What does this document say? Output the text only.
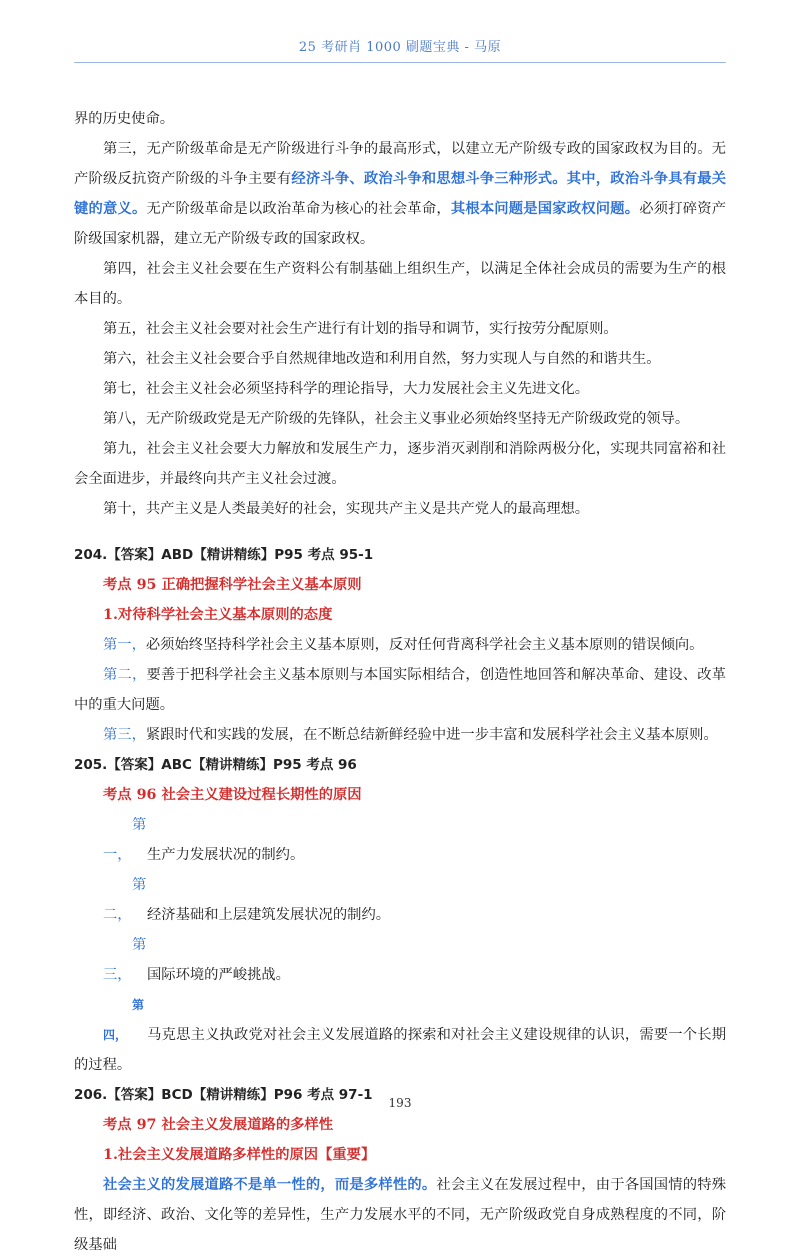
25 考研肖 1000 刷题宝典 - 马原

界的历史使命。

第三，无产阶级革命是无产阶级进行斗争的最高形式，以建立无产阶级专政的国家政权为目的。无产阶级反抗资产阶级的斗争主要有经济斗争、政治斗争和思想斗争三种形式。其中，政治斗争具有最关键的意义。无产阶级革命是以政治革命为核心的社会革命，其根本问题是国家政权问题。必须打碎资产阶级国家机器，建立无产阶级专政的国家政权。

第四，社会主义社会要在生产资料公有制基础上组织生产，以满足全体社会成员的需要为生产的根本目的。

第五，社会主义社会要对社会生产进行有计划的指导和调节，实行按劳分配原则。

第六，社会主义社会要合乎自然规律地改造和利用自然，努力实现人与自然的和谐共生。

第七，社会主义社会必须坚持科学的理论指导，大力发展社会主义先进文化。

第八，无产阶级政党是无产阶级的先锋队，社会主义事业必须始终坚持无产阶级政党的领导。

第九，社会主义社会要大力解放和发展生产力，逐步消灭剥削和消除两极分化，实现共同富裕和社会全面进步，并最终向共产主义社会过渡。

第十，共产主义是人类最美好的社会，实现共产主义是共产党人的最高理想。

204.【答案】ABD【精讲精练】P95 考点 95-1

考点 95 正确把握科学社会主义基本原则

1.对待科学社会主义基本原则的态度

第一，必须始终坚持科学社会主义基本原则，反对任何背离科学社会主义基本原则的错误倾向。

第二，要善于把科学社会主义基本原则与本国实际相结合，创造性地回答和解决革命、建设、改革中的重大问题。

第三，紧跟时代和实践的发展，在不断总结新鲜经验中进一步丰富和发展科学社会主义基本原则。

205.【答案】ABC【精讲精练】P95 考点 96

考点 96 社会主义建设过程长期性的原因

第一， 生产力发展状况的制约。

第二， 经济基础和上层建筑发展状况的制约。

第三， 国际环境的严峻挑战。

第四， 马克思主义执政党对社会主义发展道路的探索和对社会主义建设规律的认识，需要一个长期的过程。

206.【答案】BCD【精讲精练】P96 考点 97-1

考点 97 社会主义发展道路的多样性

1.社会主义发展道路多样性的原因【重要】

社会主义的发展道路不是单一性的，而是多样性的。社会主义在发展过程中，由于各国国情的特殊性，即经济、政治、文化等的差异性，生产力发展水平的不同，无产阶级政党自身成熟程度的不同，阶级基础

193
